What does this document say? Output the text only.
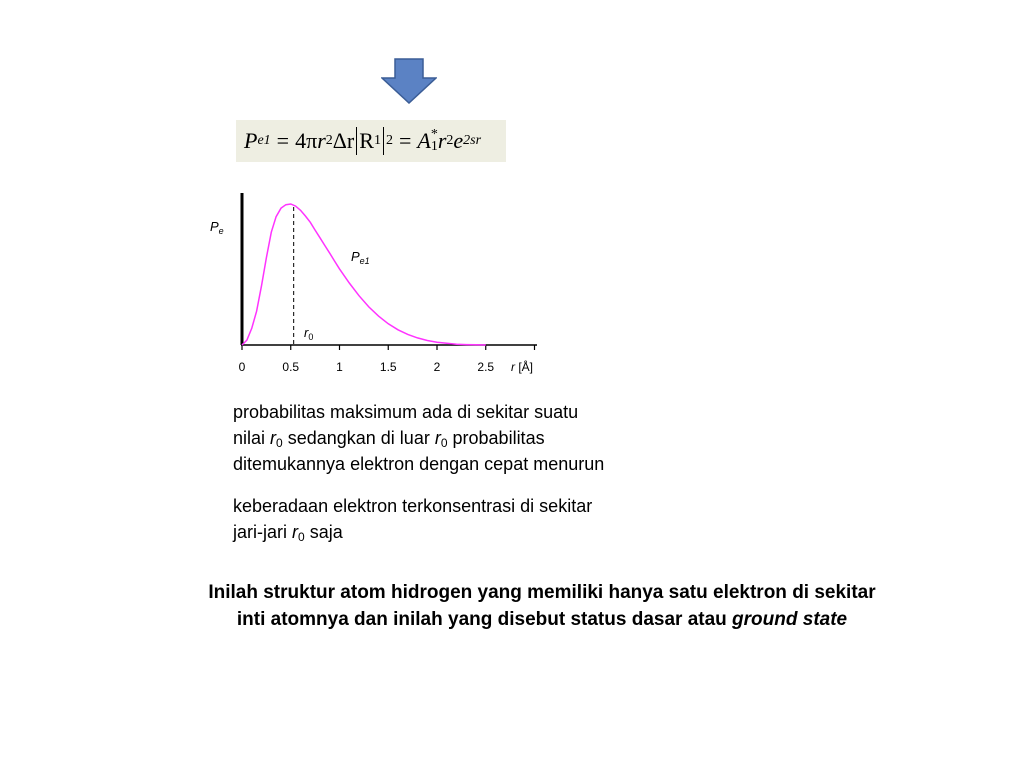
P e1 = 4π r 2 Δr R 1 2 = A *
1 r 2 e 2sr
0	0.5	1	1.5	2	2.5
$P_e$
$P_{e1}$
$r_0$
r [Å]

probabilitas maksimum ada di sekitar suatu
nilai $r_0$ sedangkan di luar $r_0$ probabilitas
ditemukannya elektron dengan cepat menurun

keberadaan elektron terkonsentrasi di sekitar
jari-jari $r_0$ saja

Inilah struktur atom hidrogen yang memiliki hanya satu elektron di sekitar
inti atomnya dan inilah yang disebut status dasar atau ground state
